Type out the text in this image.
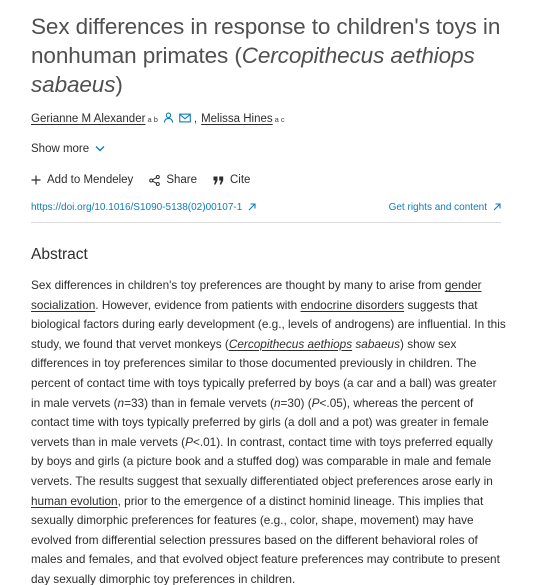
Sex differences in response to children's toys in nonhuman primates (Cercopithecus aethiops sabaeus)
Gerianne M Alexander a b	, Melissa Hines a c
Show more
Add to Mendeley	Share	Cite
https://doi.org/10.1016/S1090-5138(02)00107-1	Get rights and content
Abstract

Sex differences in children's toy preferences are thought by many to arise from gender socialization. However, evidence from patients with endocrine disorders suggests that biological factors during early development (e.g., levels of androgens) are influential. In this study, we found that vervet monkeys (Cercopithecus aethiops sabaeus) show sex differences in toy preferences similar to those documented previously in children. The percent of contact time with toys typically preferred by boys (a car and a ball) was greater in male vervets (n=33) than in female vervets (n=30) (P<.05), whereas the percent of contact time with toys typically preferred by girls (a doll and a pot) was greater in female vervets than in male vervets (P<.01). In contrast, contact time with toys preferred equally by boys and girls (a picture book and a stuffed dog) was comparable in male and female vervets. The results suggest that sexually differentiated object preferences arose early in human evolution, prior to the emergence of a distinct hominid lineage. This implies that sexually dimorphic preferences for features (e.g., color, shape, movement) may have evolved from differential selection pressures based on the different behavioral roles of males and females, and that evolved object feature preferences may contribute to present day sexually dimorphic toy preferences in children.
